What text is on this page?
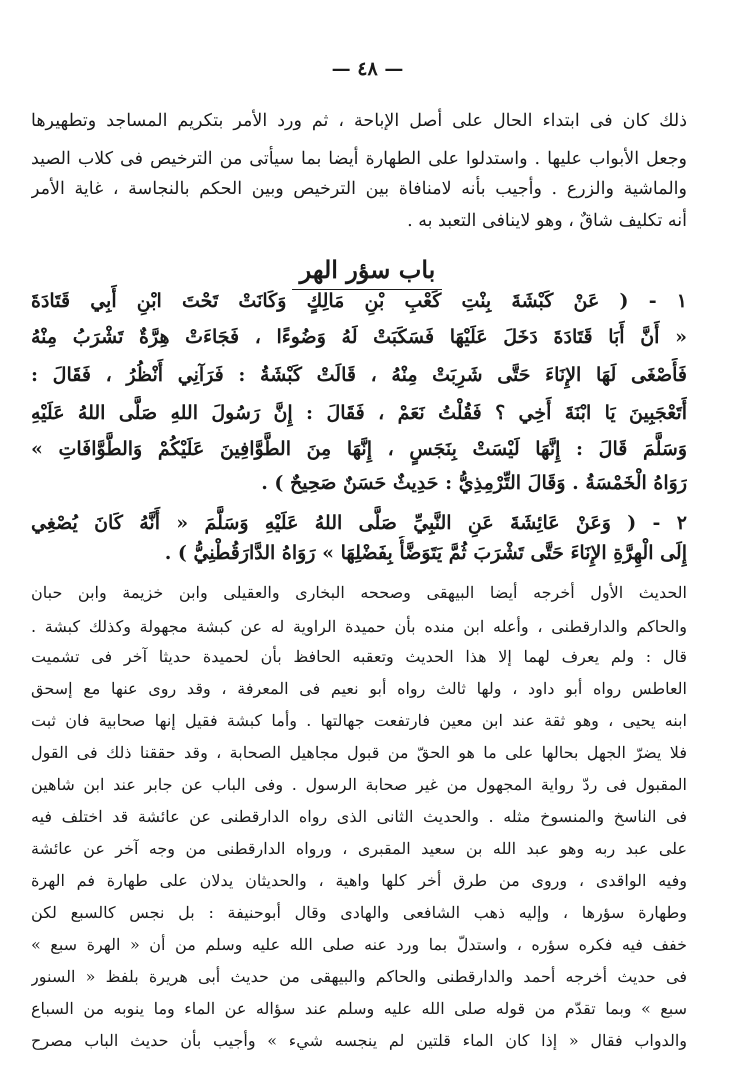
— ٤٨ —
ذلك كان فى ابتداء الحال على أصل الإباحة ، ثم ورد الأمر بتكريم المساجد وتطهيرها
وجعل الأبواب عليها . واستدلوا على الطهارة أيضا بما سيأتى من الترخيص فى كلاب الصيد
والماشية والزرع . وأجيب بأنه لامنافاة بين الترخيص وبين الحكم بالنجاسة ، غاية الأمر
أنه تكليف شاقٌ ، وهو لاينافى التعبد به .
باب سؤر الهر
١ - ( عَنْ كَبْشَةَ بِنْتِ كَعْبِ بْنِ مَالِكٍ وَكَانَتْ تَحْتَ ابْنِ أَبِي قَتَادَةَ
« أَنَّ أَبَا قَتَادَةَ دَخَلَ عَلَيْهَا فَسَكَبَتْ لَهُ وَضُوءًا ، فَجَاءَتْ هِرَّةٌ تَشْرَبُ مِنْهُ
فَأَصْغَى لَهَا الإِنَاءَ حَتَّى شَرِبَتْ مِنْهُ ، قَالَتْ كَبْشَةُ : فَرَآنِي أَنْظُرُ ، فَقَالَ :
أَتَعْجَبِينَ يَا ابْنَةَ أَخِي ؟ فَقُلْتُ نَعَمْ ، فَقَالَ : إِنَّ رَسُولَ اللهِ صَلَّى اللهُ عَلَيْهِ
وَسَلَّمَ قَالَ : إِنَّهَا لَيْسَتْ بِنَجَسٍ ، إِنَّهَا مِنَ الطَّوَّافِينَ عَلَيْكُمْ وَالطَّوَّافَاتِ »
رَوَاهُ الْخَمْسَةُ . وَقَالَ التِّرْمِذِيُّ : حَدِيثٌ حَسَنٌ صَحِيحٌ ) .
٢ - ( وَعَنْ عَائِشَةَ عَنِ النَّبِيِّ صَلَّى اللهُ عَلَيْهِ وَسَلَّمَ « أَنَّهُ كَانَ يُصْغِي
إِلَى الْهِرَّةِ الإِنَاءَ حَتَّى تَشْرَبَ ثُمَّ يَتَوَضَّأُ بِفَضْلِهَا » رَوَاهُ الدَّارَقُطْنِيُّ ) .
الحديث الأول أخرجه أيضا البيهقى وصححه البخارى والعقيلى وابن خزيمة وابن حبان
والحاكم والدارقطنى ، وأعله ابن منده بأن حميدة الراوية له عن كبشة مجهولة وكذلك كبشة .
قال : ولم يعرف لهما إلا هذا الحديث وتعقبه الحافظ بأن لحميدة حديثا آخر فى تشميت
العاطس رواه أبو داود ، ولها ثالث رواه أبو نعيم فى المعرفة ، وقد روى عنها مع إسحق
ابنه يحيى ، وهو ثقة عند ابن معين فارتفعت جهالتها . وأما كبشة فقيل إنها صحابية فان ثبت
فلا يضرّ الجهل بحالها على ما هو الحقّ من قبول مجاهيل الصحابة ، وقد حققنا ذلك فى القول
المقبول فى ردّ رواية المجهول من غير صحابة الرسول . وفى الباب عن جابر عند ابن شاهين
فى الناسخ والمنسوخ مثله . والحديث الثانى الذى رواه الدارقطنى عن عائشة قد اختلف فيه
على عبد ربه وهو عبد الله بن سعيد المقبرى ، ورواه الدارقطنى من وجه آخر عن عائشة
وفيه الواقدى ، وروى من طرق أخر كلها واهية ، والحديثان يدلان على طهارة فم الهرة
وطهارة سؤرها ، وإليه ذهب الشافعى والهادى وقال أبوحنيفة : بل نجس كالسبع لكن
خفف فيه فكره سؤره ، واستدلّ بما ورد عنه صلى الله عليه وسلم من أن « الهرة سبع »
فى حديث أخرجه أحمد والدارقطنى والحاكم والبيهقى من حديث أبى هريرة بلفظ « السنور
سبع » وبما تقدّم من قوله صلى الله عليه وسلم عند سؤاله عن الماء وما ينوبه من السباع
والدواب فقال « إذا كان الماء قلتين لم ينجسه شيء » وأجيب بأن حديث الباب مصرح
